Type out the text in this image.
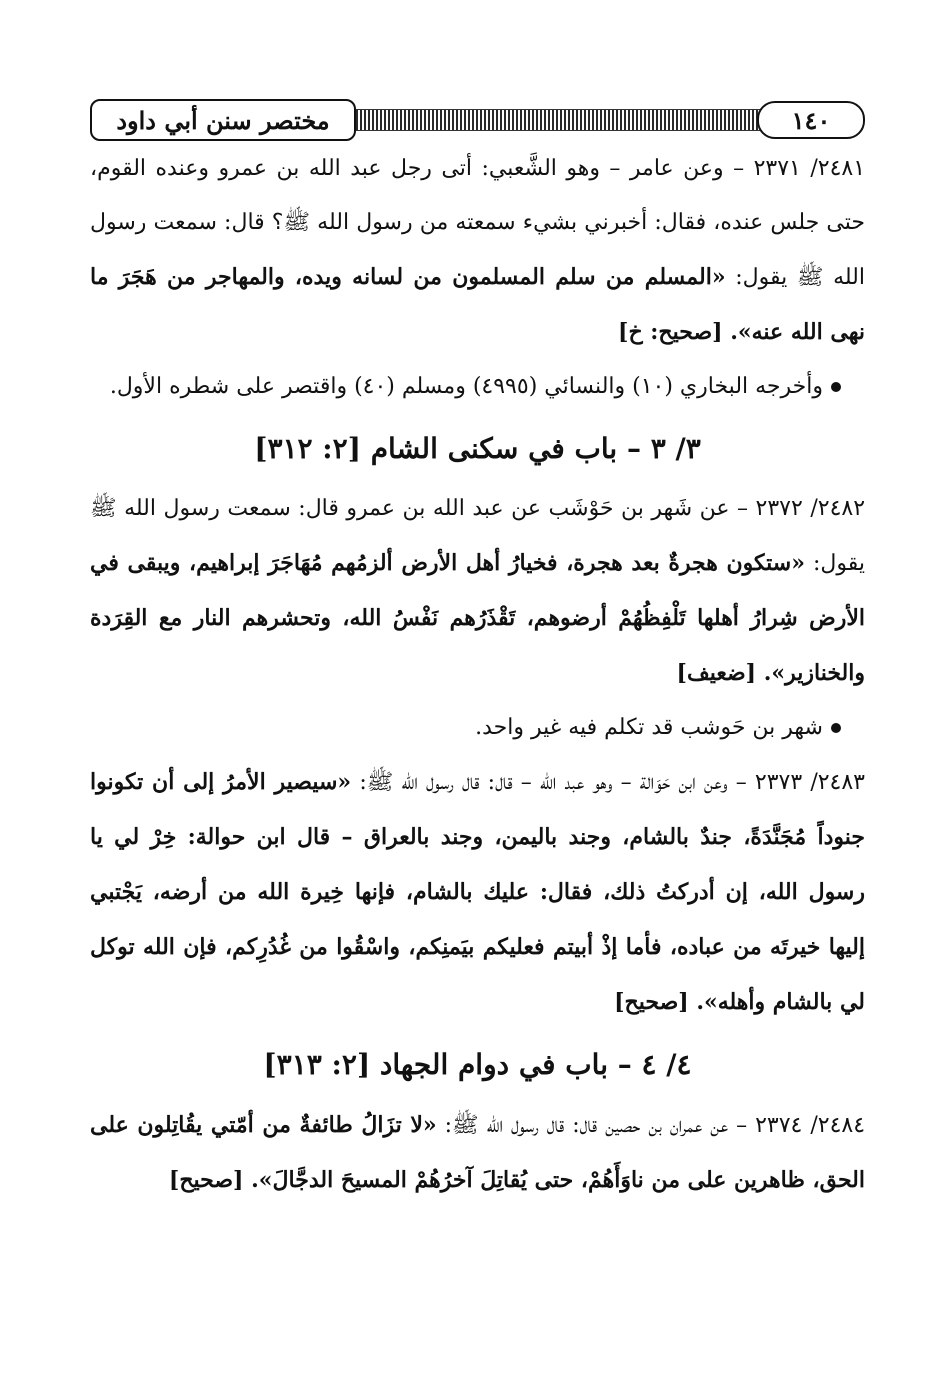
مختصر سنن أبي داود	١٤٠

٢٤٨١/ ٢٣٧١ – وعن عامر – وهو الشَّعبي: أتى رجل عبد الله بن عمرو وعنده القوم، حتى جلس عنده، فقال: أخبرني بشيء سمعته من رسول الله ﷺ؟ قال: سمعت رسول الله ﷺ يقول: «المسلم من سلم المسلمون من لسانه ويده، والمهاجر من هَجَرَ ما نهى الله عنه». [صحيح: خ]

وأخرجه البخاري (١٠) والنسائي (٤٩٩٥) ومسلم (٤٠) واقتصر على شطره الأول.

٣/ ٣ – باب في سكنى الشام [٢: ٣١٢]

٢٤٨٢/ ٢٣٧٢ – عن شَهر بن حَوْشَب عن عبد الله بن عمرو قال: سمعت رسول الله ﷺ يقول: «ستكون هجرةٌ بعد هجرة، فخيارُ أهل الأرض ألزمُهم مُهَاجَرَ إبراهيم، ويبقى في الأرض شِرارُ أهلها تَلْفِظُهُمْ أرضوهم، تَقْذَرُهم نَفْسُ الله، وتحشرهم النار مع القِرَدة والخنازير». [ضعيف]

شهر بن حَوشب قد تكلم فيه غير واحد.

٢٤٨٣/ ٢٣٧٣ – وعن ابن حَوَالة – وهو عبد الله – قال: قال رسول الله ﷺ: «سيصير الأمرُ إلى أن تكونوا جنوداً مُجَنَّدَةً، جندٌ بالشام، وجند باليمن، وجند بالعراق – قال ابن حوالة: خِرْ لي يا رسول الله، إن أدركتُ ذلك، فقال: عليك بالشام، فإنها خِيرة الله من أرضه، يَجْتبي إليها خيرتَه من عباده، فأما إذْ أبيتم فعليكم بيَمنِكم، واسْقُوا من غُدُرِكم، فإن الله توكل لي بالشام وأهله». [صحيح]

٤/ ٤ – باب في دوام الجهاد [٢: ٣١٣]

٢٤٨٤/ ٢٣٧٤ – عن عمران بن حصين قال: قال رسول الله ﷺ: «لا تزَالُ طائفةٌ من أمّتي يقُاتِلون على الحق، ظاهرين على من ناوَأَهُمْ، حتى يُقاتِلَ آخرُهُمْ المسيحَ الدجَّالَ». [صحيح]
